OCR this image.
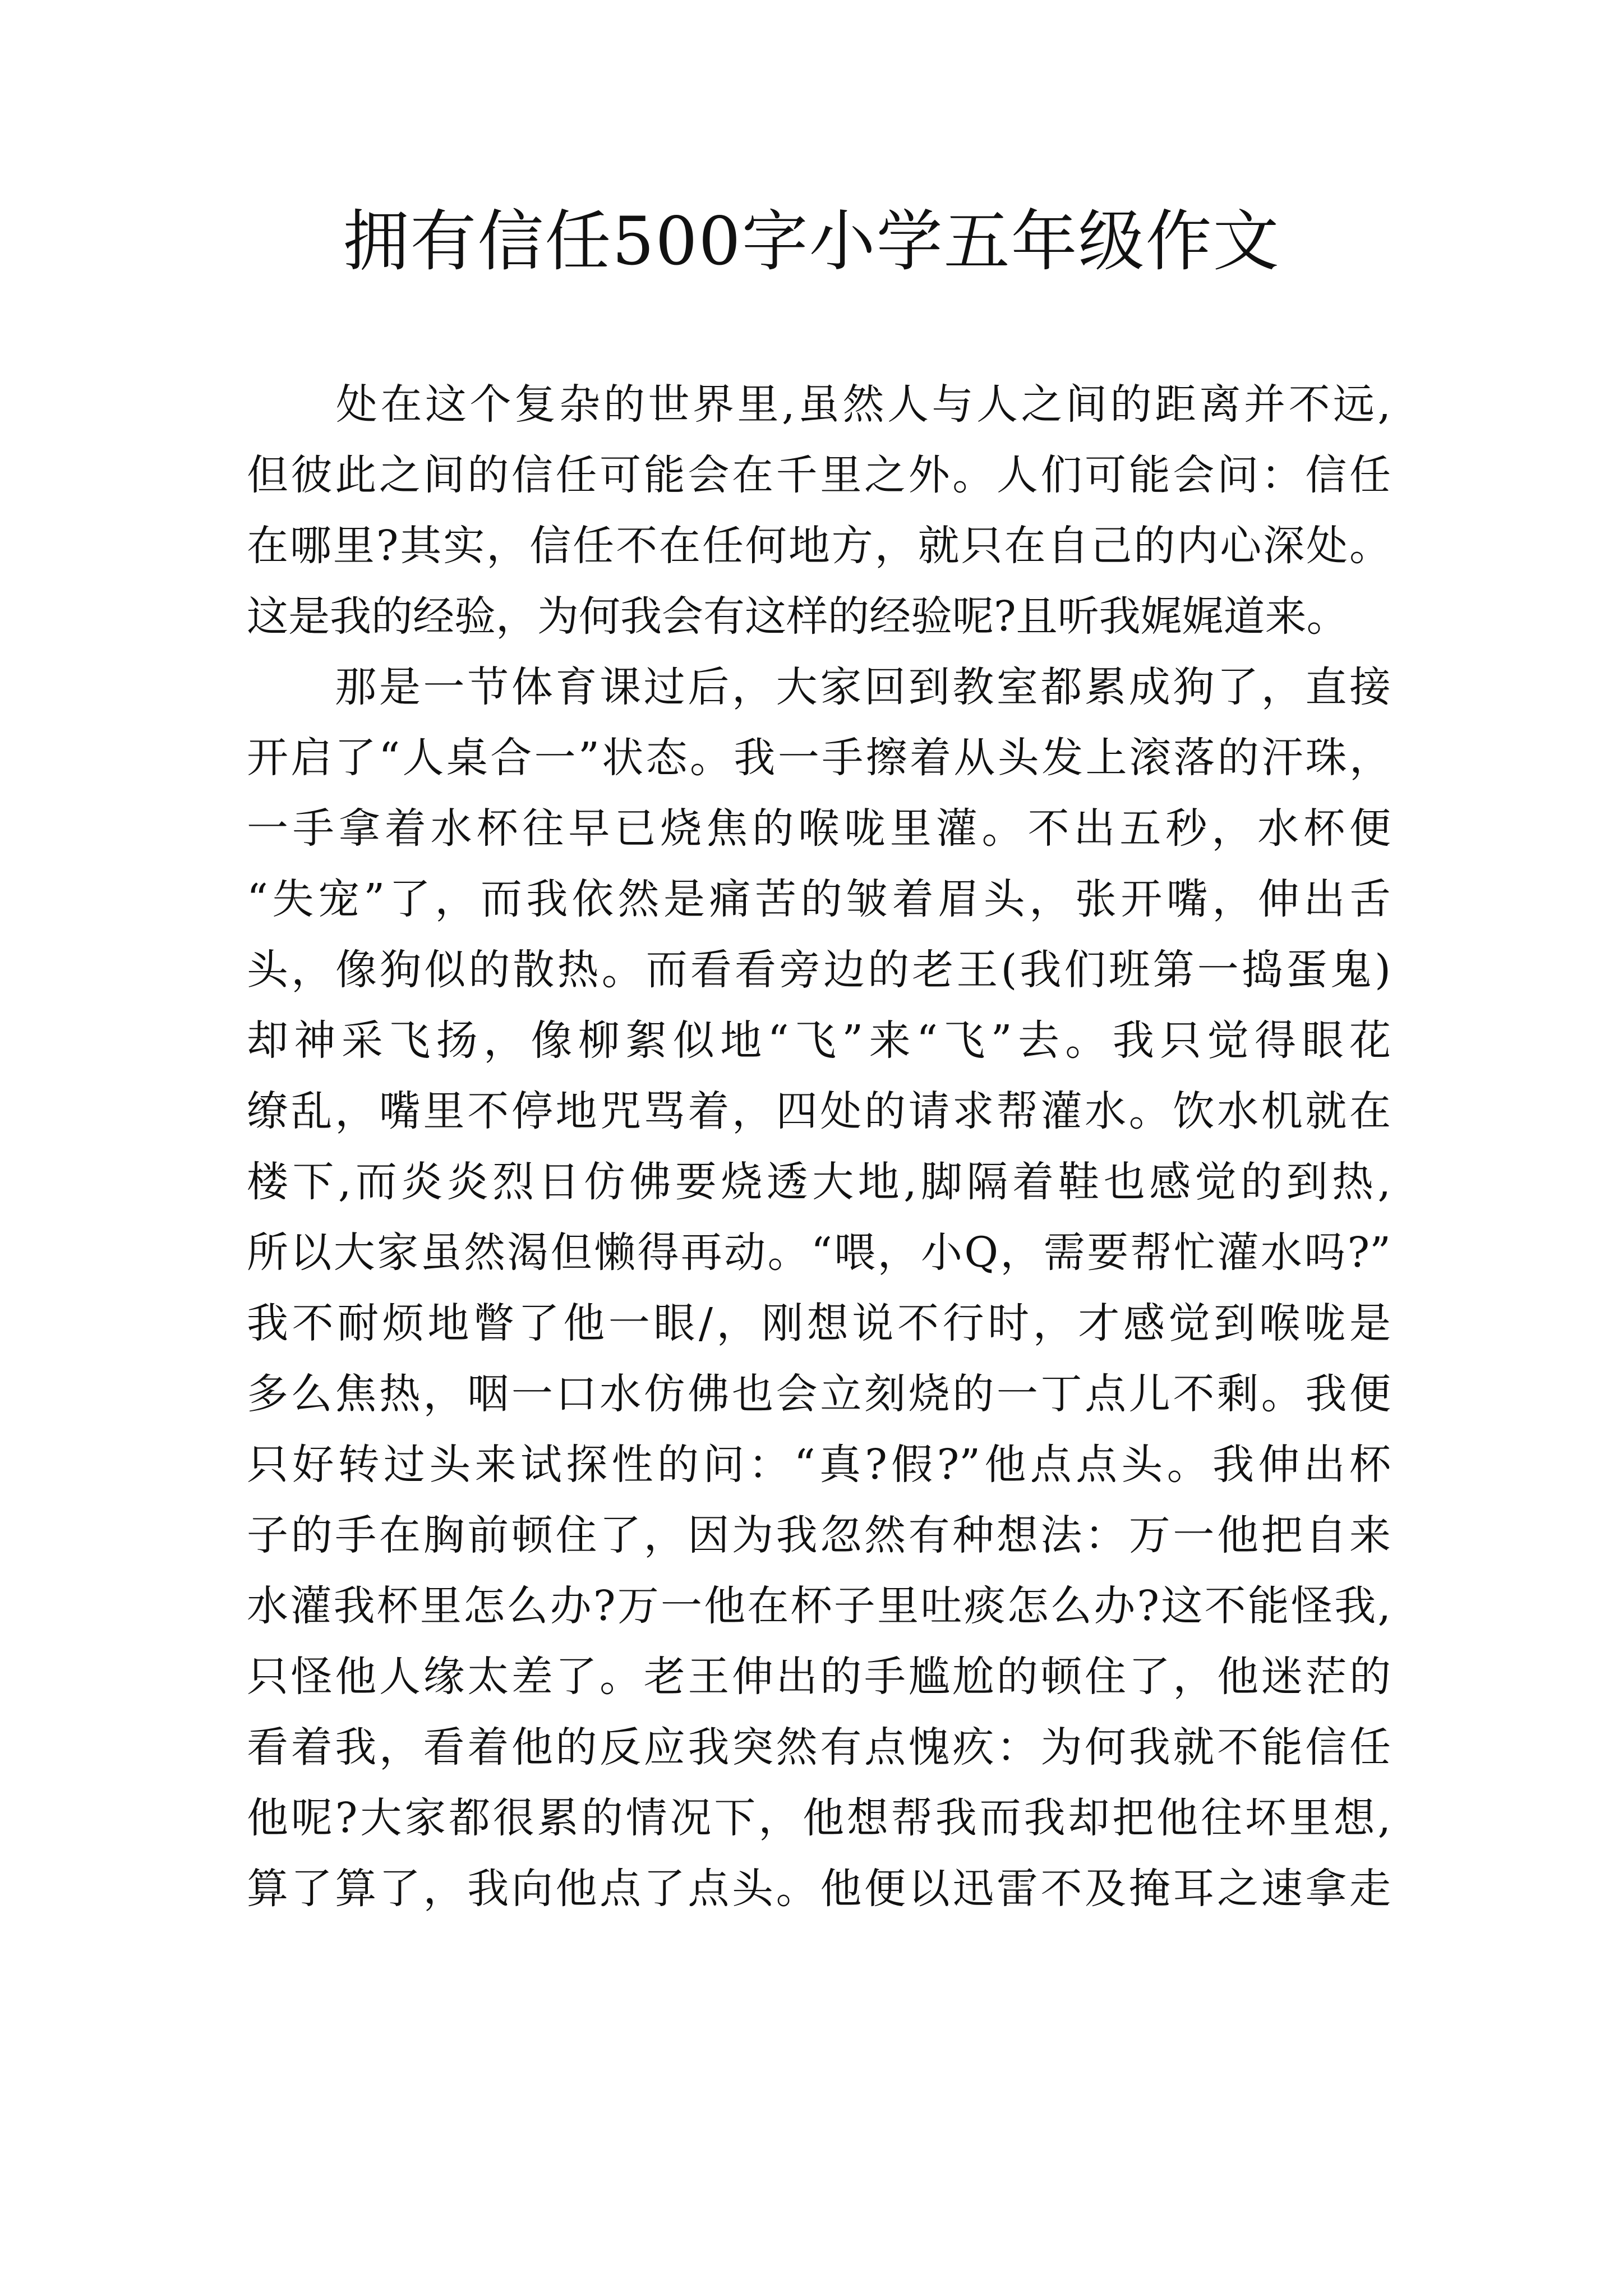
拥有信任500字小学五年级作文
　　处在这个复杂的世界里,虽然人与人之间的距离并不远,
但彼此之间的信任可能会在千里之外。人们可能会问：信任
在哪里?其实，信任不在任何地方，就只在自己的内心深处。
这是我的经验，为何我会有这样的经验呢?且听我娓娓道来。
　　那是一节体育课过后，大家回到教室都累成狗了，直接
开启了“人桌合一”状态。我一手擦着从头发上滚落的汗珠，
一手拿着水杯往早已烧焦的喉咙里灌。不出五秒，水杯便
“失宠”了，而我依然是痛苦的皱着眉头，张开嘴，伸出舌
头，像狗似的散热。而看看旁边的老王(我们班第一捣蛋鬼)
却神采飞扬，像柳絮似地“飞”来“飞”去。我只觉得眼花
缭乱，嘴里不停地咒骂着，四处的请求帮灌水。饮水机就在
楼下,而炎炎烈日仿佛要烧透大地,脚隔着鞋也感觉的到热,
所以大家虽然渴但懒得再动。“喂，小Q，需要帮忙灌水吗?”
我不耐烦地瞥了他一眼/，刚想说不行时，才感觉到喉咙是
多么焦热，咽一口水仿佛也会立刻烧的一丁点儿不剩。我便
只好转过头来试探性的问：“真?假?”他点点头。我伸出杯
子的手在胸前顿住了，因为我忽然有种想法：万一他把自来
水灌我杯里怎么办?万一他在杯子里吐痰怎么办?这不能怪我,
只怪他人缘太差了。老王伸出的手尴尬的顿住了，他迷茫的
看着我，看着他的反应我突然有点愧疚：为何我就不能信任
他呢?大家都很累的情况下，他想帮我而我却把他往坏里想,
算了算了，我向他点了点头。他便以迅雷不及掩耳之速拿走
